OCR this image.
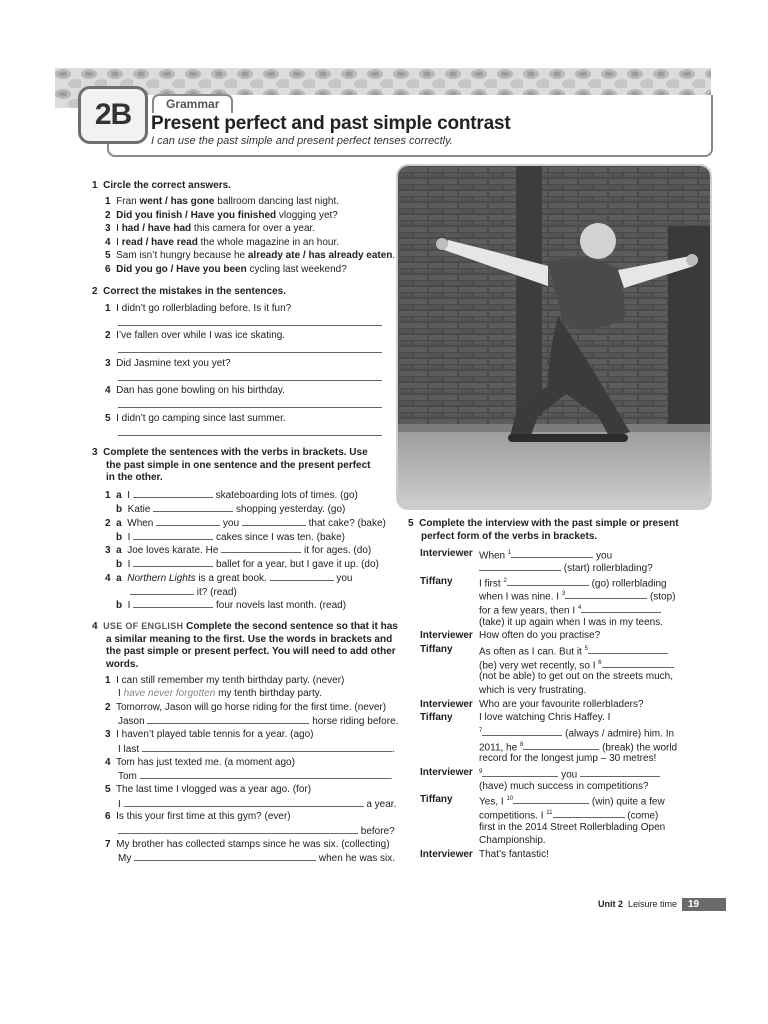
2B	Grammar
Present perfect and past simple contrast
I can use the past simple and present perfect tenses correctly.
1 Circle the correct answers.
1 Fran went / has gone ballroom dancing last night.
2 Did you finish / Have you finished vlogging yet?
3 I had / have had this camera for over a year.
4 I read / have read the whole magazine in an hour.
5 Sam isn’t hungry because he already ate / has already eaten.
6 Did you go / Have you been cycling last weekend?
2 Correct the mistakes in the sentences.
1 I didn’t go rollerblading before. Is it fun?
2 I’ve fallen over while I was ice skating.
3 Did Jasmine text you yet?
4 Dan has gone bowling on his birthday.
5 I didn’t go camping since last summer.
3 Complete the sentences with the verbs in brackets. Use
the past simple in one sentence and the present perfect
in the other.
1 a I	skateboarding lots of times. (go)
b Katie	shopping yesterday. (go)
2 a When	you	that cake? (bake)
b I	cakes since I was ten. (bake)
3 a Joe loves karate. He	it for ages. (do)
b I	ballet for a year, but I gave it up. (do)
4 a Northern Lights is a great book.	you
it? (read)
b I	four novels last month. (read)
4 USE OF ENGLISH Complete the second sentence so that it has
a similar meaning to the first. Use the words in brackets and
the past simple or present perfect. You will need to add other
words.
1 I can still remember my tenth birthday party. (never)
I have never forgotten my tenth birthday party.
2 Tomorrow, Jason will go horse riding for the first time. (never)
Jason	horse riding before.
3 I haven’t played table tennis for a year. (ago)
I last	.
4 Tom has just texted me. (a moment ago)
Tom	.
5 The last time I vlogged was a year ago. (for)
I	a year.
6 Is this your first time at this gym? (ever)
before?
7 My brother has collected stamps since he was six. (collecting)
My	when he was six.
5 Complete the interview with the past simple or present
perfect form of the verbs in brackets.
Interviewer When $^1$	you
(start) rollerblading?
Tiffany	I first $^2$	(go) rollerblading
when I was nine. I $^3$	(stop)
for a few years, then I $^4$
(take) it up again when I was in my teens.
Interviewer How often do you practise?
Tiffany	As often as I can. But it $^5$
(be) very wet recently, so I $^6$
(not be able) to get out on the streets much,
which is very frustrating.
Interviewer Who are your favourite rollerbladers?
Tiffany	I love watching Chris Haffey. I
$^7$	(always / admire) him. In
2011, he $^8$	(break) the world
record for the longest jump – 30 metres!
Interviewer $^9$	you
(have) much success in competitions?
Tiffany	Yes, I $^{10}$	(win) quite a few
competitions. I $^{11}$	(come)
first in the 2014 Street Rollerblading Open
Championship.
Interviewer That’s fantastic!
Unit 2 Leisure time	19
